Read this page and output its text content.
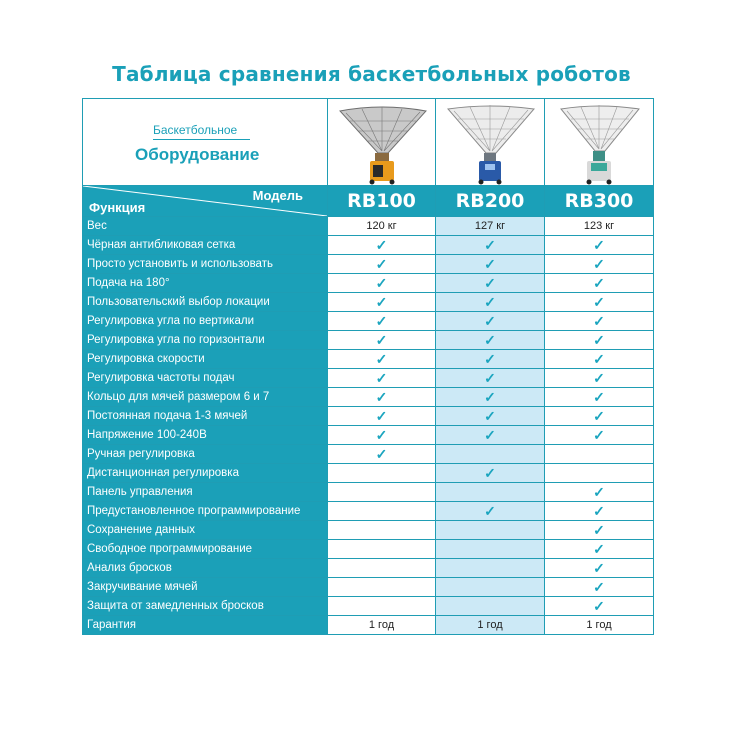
Таблица сравнения баскетбольных роботов
Баскетбольное
Оборудование

Модель
Функция	RB100	RB200	RB300
Вес	120 кг	127 кг	123 кг
Чёрная антибликовая сетка	✓	✓	✓
Просто установить и использовать	✓	✓	✓
Подача на 180°	✓	✓	✓
Пользовательский выбор локации	✓	✓	✓
Регулировка угла по вертикали	✓	✓	✓
Регулировка угла по горизонтали	✓	✓	✓
Регулировка скорости	✓	✓	✓
Регулировка частоты подач	✓	✓	✓
Кольцо для мячей размером 6 и 7	✓	✓	✓
Постоянная подача 1-3 мячей	✓	✓	✓
Напряжение 100-240В	✓	✓	✓
Ручная регулировка	✓		
Дистанционная регулировка		✓	
Панель управления			✓
Предустановленное программирование		✓	✓
Сохранение данных			✓
Свободное программирование			✓
Анализ бросков			✓
Закручивание мячей			✓
Защита от замедленных бросков			✓
Гарантия	1 год	1 год	1 год
